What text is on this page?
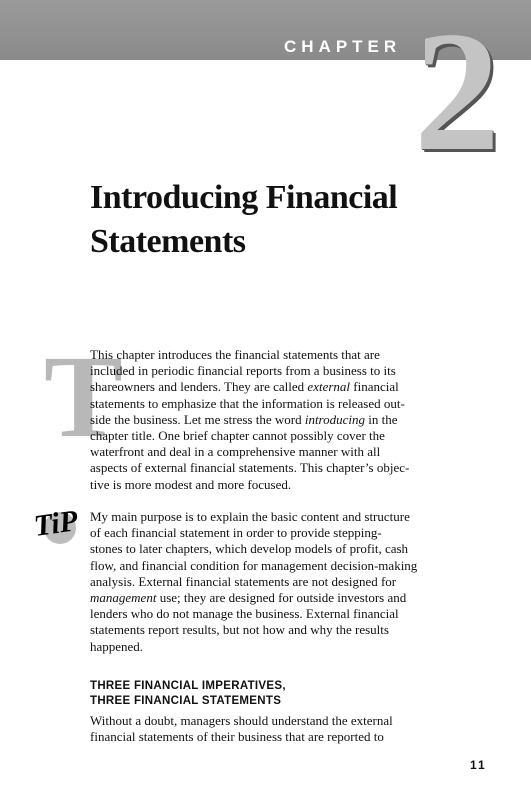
CHAPTER 2
Introducing Financial
Statements
T

This chapter introduces the financial statements that are
included in periodic financial reports from a business to its
shareowners and lenders. They are called external financial
statements to emphasize that the information is released out-
side the business. Let me stress the word introducing in the
chapter title. One brief chapter cannot possibly cover the
waterfront and deal in a comprehensive manner with all
aspects of external financial statements. This chapter’s objec-
tive is more modest and more focused.

TiP My main purpose is to explain the basic content and structure
of each financial statement in order to provide stepping-
stones to later chapters, which develop models of profit, cash
flow, and financial condition for management decision-making
analysis. External financial statements are not designed for
management use; they are designed for outside investors and
lenders who do not manage the business. External financial
statements report results, but not how and why the results
happened.

THREE FINANCIAL IMPERATIVES,
THREE FINANCIAL STATEMENTS

Without a doubt, managers should understand the external
financial statements of their business that are reported to

11
